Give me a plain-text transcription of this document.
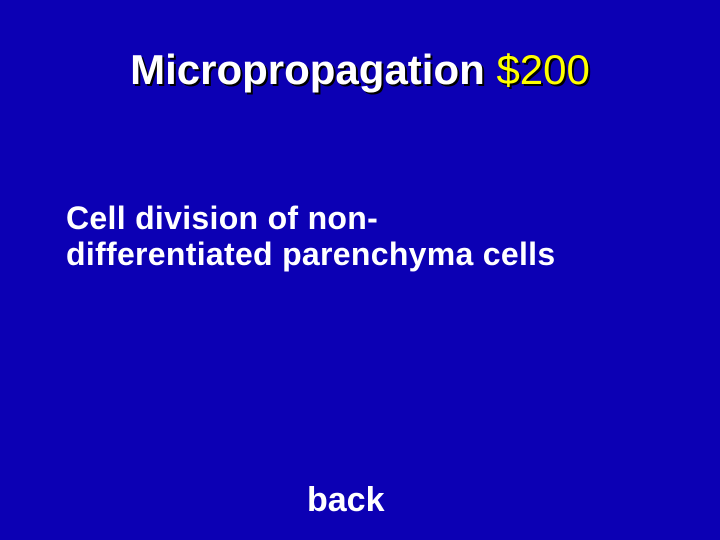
Micropropagation $200
Cell division of non-
differentiated parenchyma cells
back
